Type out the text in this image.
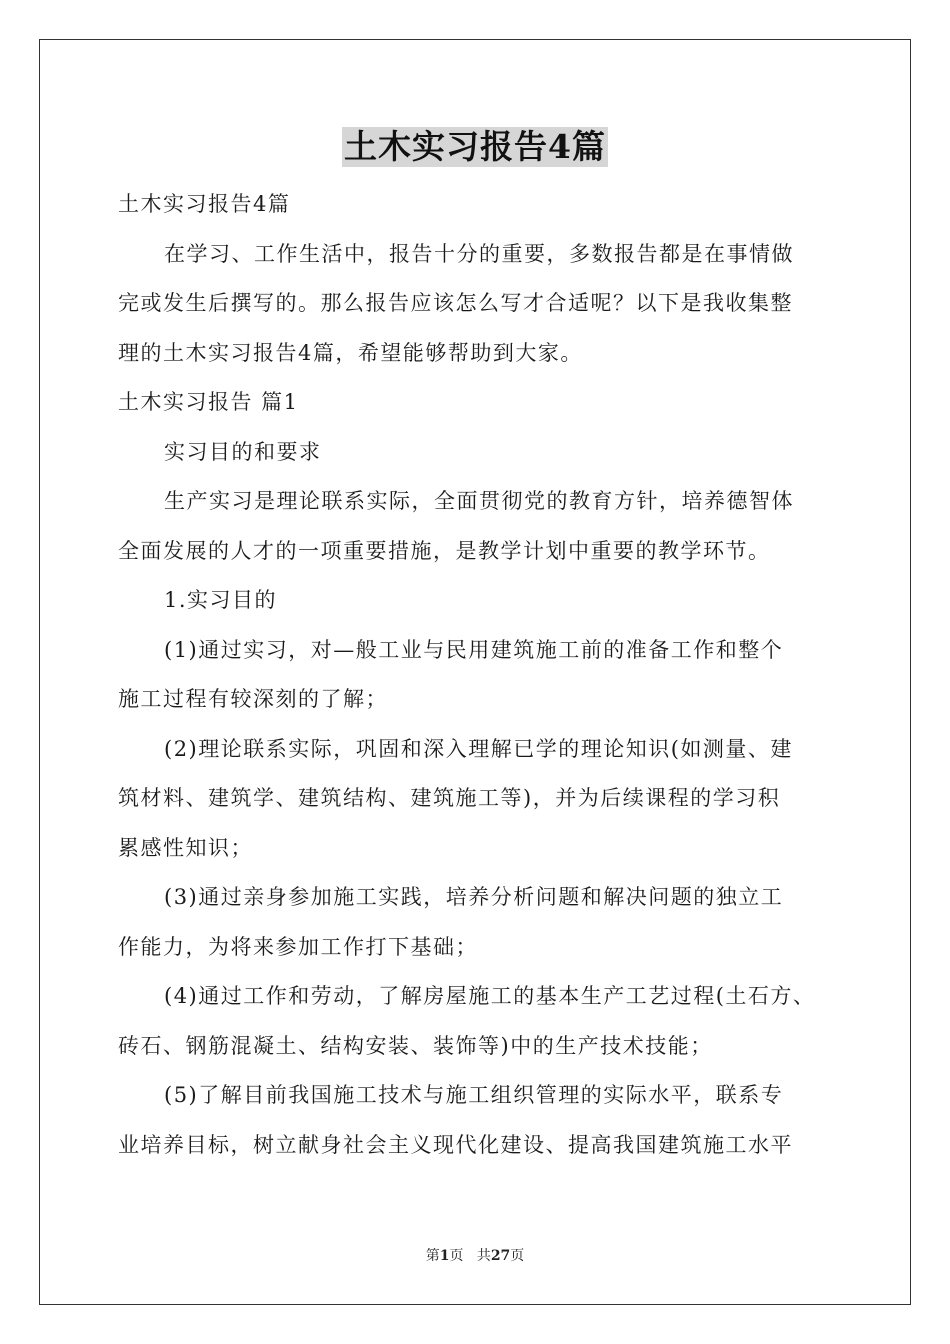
土木实习报告4篇
土木实习报告4篇
在学习、工作生活中，报告十分的重要，多数报告都是在事情做
完或发生后撰写的。那么报告应该怎么写才合适呢？以下是我收集整
理的土木实习报告4篇，希望能够帮助到大家。
土木实习报告 篇1
实习目的和要求
生产实习是理论联系实际，全面贯彻党的教育方针，培养德智体
全面发展的人才的一项重要措施，是教学计划中重要的教学环节。
1.实习目的
(1)通过实习，对—般工业与民用建筑施工前的准备工作和整个
施工过程有较深刻的了解；
(2)理论联系实际，巩固和深入理解已学的理论知识(如测量、建
筑材料、建筑学、建筑结构、建筑施工等)，并为后续课程的学习积
累感性知识；
(3)通过亲身参加施工实践，培养分析问题和解决问题的独立工
作能力，为将来参加工作打下基础；
(4)通过工作和劳动，了解房屋施工的基本生产工艺过程(土石方、
砖石、钢筋混凝土、结构安装、装饰等)中的生产技术技能；
(5)了解目前我国施工技术与施工组织管理的实际水平，联系专
业培养目标，树立献身社会主义现代化建设、提高我国建筑施工水平
第1页 共27页
